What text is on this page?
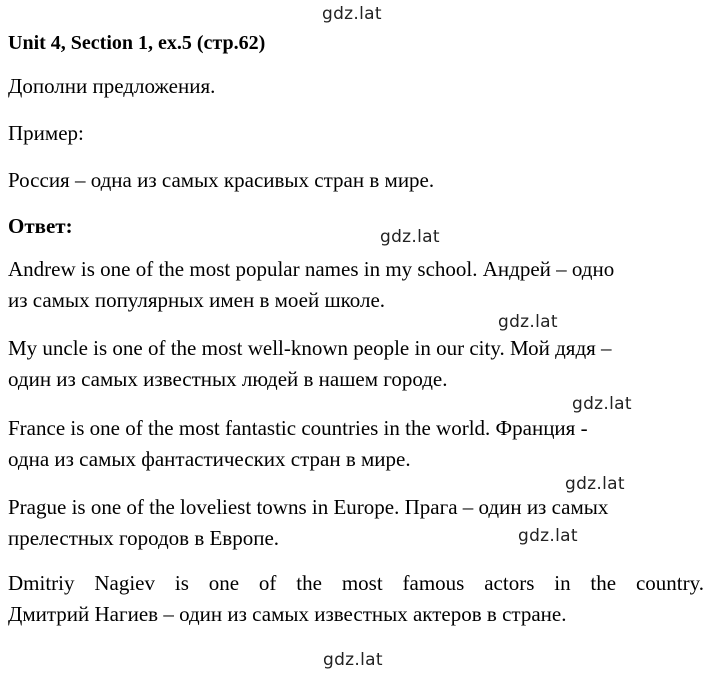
gdz.lat
gdz.lat
gdz.lat
gdz.lat
gdz.lat
gdz.lat
gdz.lat
Unit 4, Section 1, ex.5 (стр.62)
Дополни предложения.
Пример:
Россия – одна из самых красивых стран в мире.
Ответ:
Andrew is one of the most popular names in my school. Андрей – одно
из самых популярных имен в моей школе.
My uncle is one of the most well-known people in our city. Мой дядя –
один из самых известных людей в нашем городе.
France is one of the most fantastic countries in the world. Франция -
одна из самых фантастических стран в мире.
Prague is one of the loveliest towns in Europe. Прага – один из самых
прелестных городов в Европе.
Dmitriy Nagiev is one of the most famous actors in the country.
Дмитрий Нагиев – один из самых известных актеров в стране.
